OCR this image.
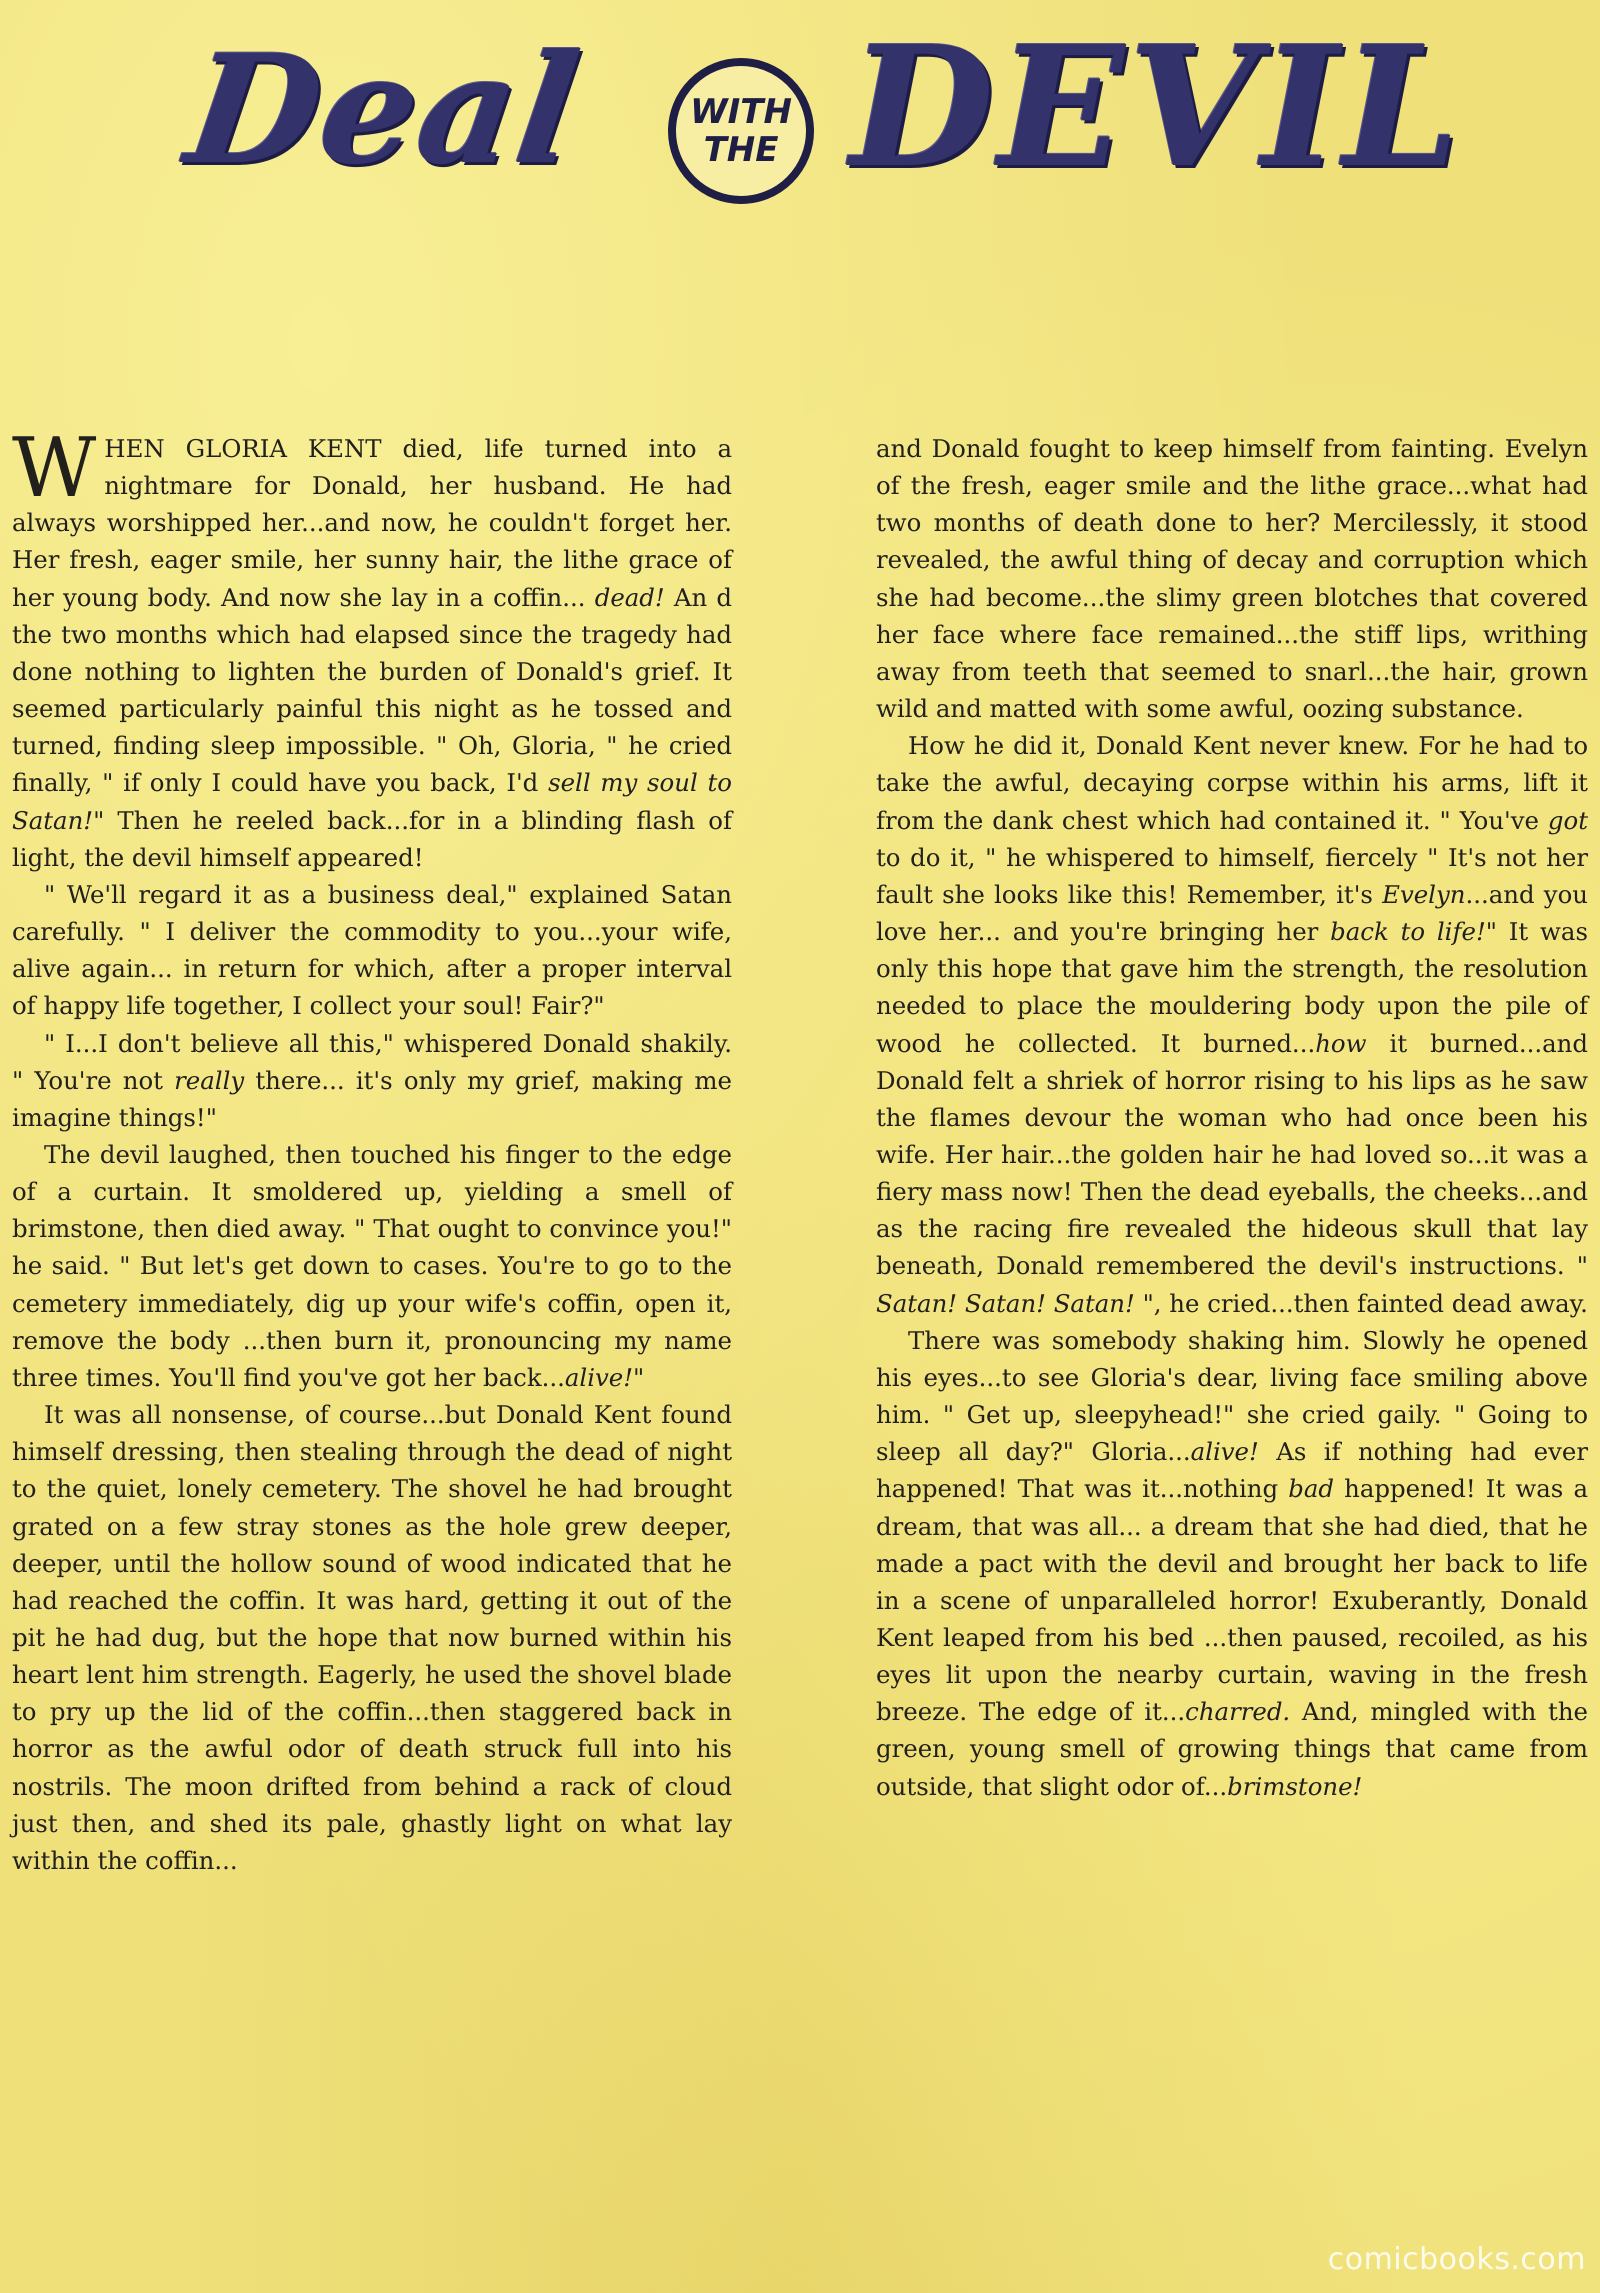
Deal	WITH
THE DEVIL

WHEN GLORIA KENT died, life turned into a nightmare for Donald, her husband. He had always worshipped her...and now, he couldn't forget her. Her fresh, eager smile, her sunny hair, the lithe grace of her young body. And now she lay in a coffin... dead! An d the two months which had elapsed since the tragedy had done nothing to lighten the burden of Donald's grief. It seemed particularly painful this night as he tossed and turned, finding sleep impossible. " Oh, Gloria, " he cried finally, " if only I could have you back, I'd sell my soul to Satan!" Then he reeled back...for in a blinding flash of light, the devil himself appeared!

" We'll regard it as a business deal," explained Satan carefully. " I deliver the commodity to you...your wife, alive again... in return for which, after a proper interval of happy life together, I collect your soul! Fair?"

" I...I don't believe all this," whispered Donald shakily. " You're not really there... it's only my grief, making me imagine things!"

The devil laughed, then touched his finger to the edge of a curtain. It smoldered up, yielding a smell of brimstone, then died away. " That ought to convince you!" he said. " But let's get down to cases. You're to go to the cemetery immediately, dig up your wife's coffin, open it, remove the body ...then burn it, pronouncing my name three times. You'll find you've got her back...alive!"

It was all nonsense, of course...but Donald Kent found himself dressing, then stealing through the dead of night to the quiet, lonely cemetery. The shovel he had brought grated on a few stray stones as the hole grew deeper, deeper, until the hollow sound of wood indicated that he had reached the coffin. It was hard, getting it out of the pit he had dug, but the hope that now burned within his heart lent him strength. Eagerly, he used the shovel blade to pry up the lid of the coffin...then staggered back in horror as the awful odor of death struck full into his nostrils. The moon drifted from behind a rack of cloud just then, and shed its pale, ghastly light on what lay within the coffin...

and Donald fought to keep himself from fainting. Evelyn of the fresh, eager smile and the lithe grace...what had two months of death done to her? Mercilessly, it stood revealed, the awful thing of decay and corruption which she had become...the slimy green blotches that covered her face where face remained...the stiff lips, writhing away from teeth that seemed to snarl...the hair, grown wild and matted with some awful, oozing substance.

How he did it, Donald Kent never knew. For he had to take the awful, decaying corpse within his arms, lift it from the dank chest which had contained it. " You've got to do it, " he whispered to himself, fiercely " It's not her fault she looks like this! Remember, it's Evelyn...and you love her... and you're bringing her back to life!" It was only this hope that gave him the strength, the resolution needed to place the mouldering body upon the pile of wood he collected. It burned...how it burned...and Donald felt a shriek of horror rising to his lips as he saw the flames devour the woman who had once been his wife. Her hair...the golden hair he had loved so...it was a fiery mass now! Then the dead eyeballs, the cheeks...and as the racing fire revealed the hideous skull that lay beneath, Donald remembered the devil's instructions. " Satan! Satan! Satan! ", he cried...then fainted dead away.

There was somebody shaking him. Slowly he opened his eyes...to see Gloria's dear, living face smiling above him. " Get up, sleepyhead!" she cried gaily. " Going to sleep all day?" Gloria...alive! As if nothing had ever happened! That was it...nothing bad happened! It was a dream, that was all... a dream that she had died, that he made a pact with the devil and brought her back to life in a scene of unparalleled horror! Exuberantly, Donald Kent leaped from his bed ...then paused, recoiled, as his eyes lit upon the nearby curtain, waving in the fresh breeze. The edge of it...charred. And, mingled with the green, young smell of growing things that came from outside, that slight odor of...brimstone!

comicbooks.com
